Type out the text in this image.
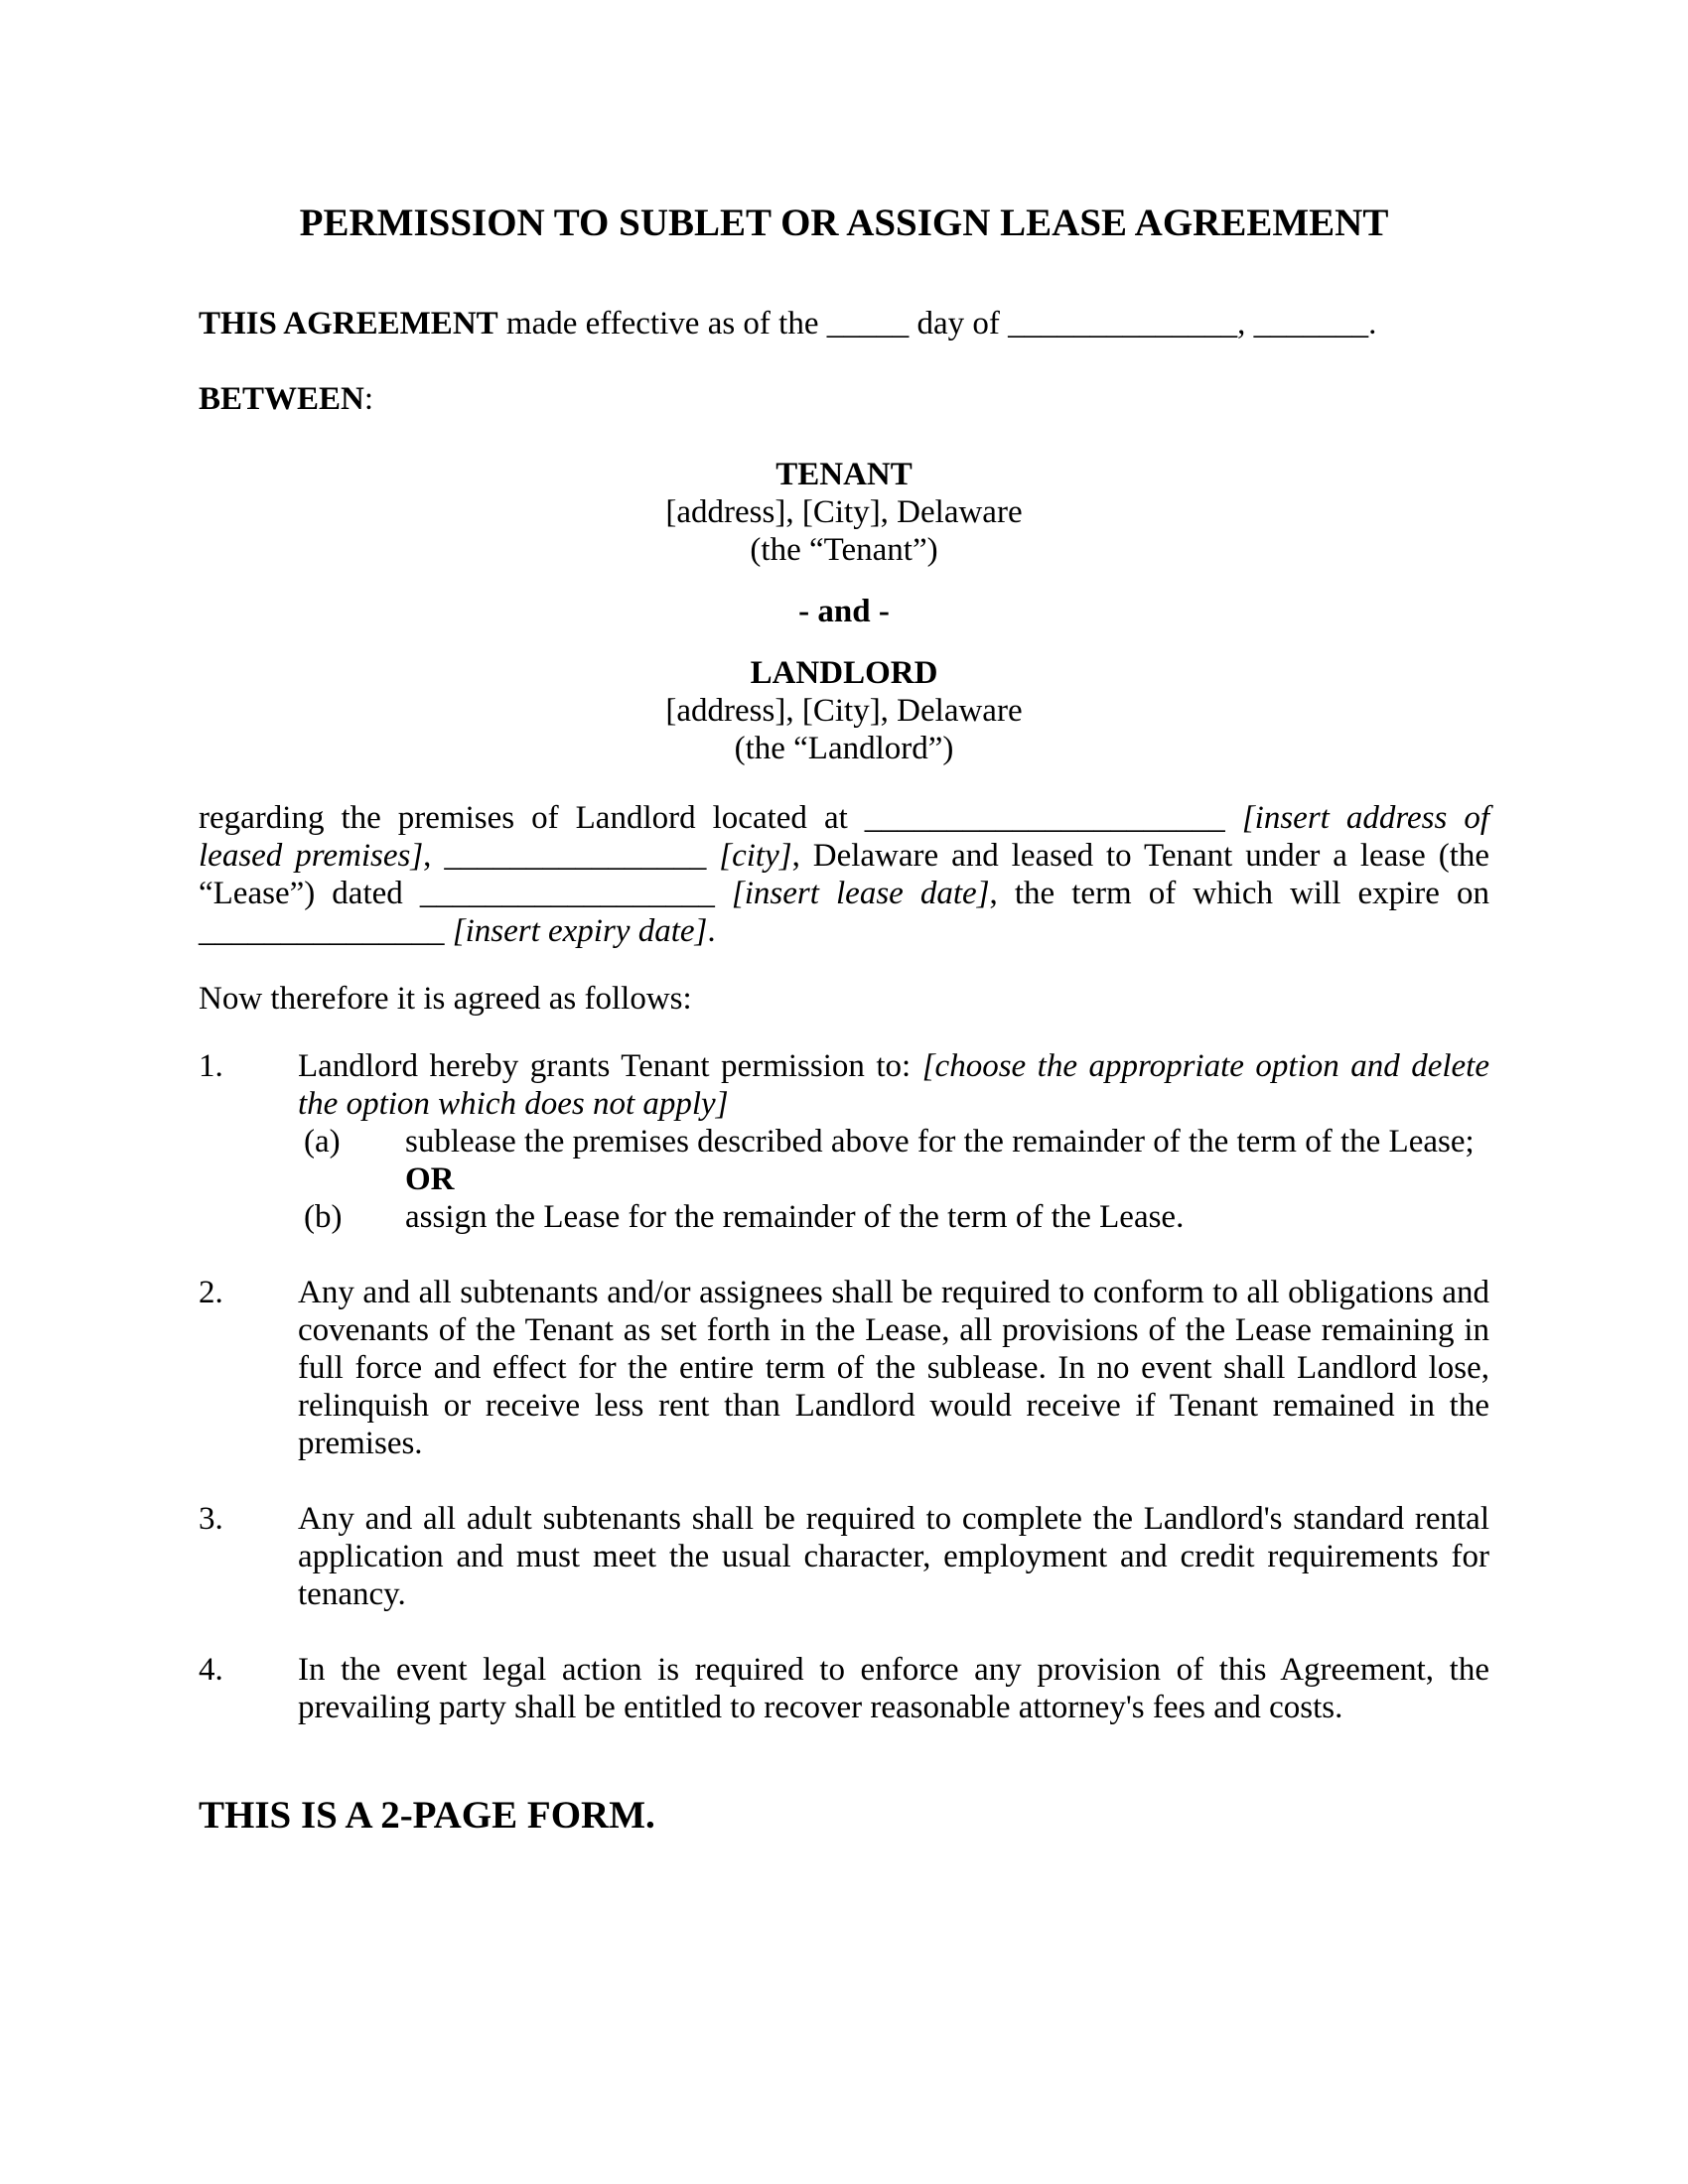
PERMISSION TO SUBLET OR ASSIGN LEASE AGREEMENT

THIS AGREEMENT made effective as of the _____ day of ______________, _______.

BETWEEN:

TENANT
[address], [City], Delaware
(the “Tenant”)
- and -
LANDLORD
[address], [City], Delaware
(the “Landlord”)

regarding the premises of Landlord located at ______________________ [insert address of leased premises], ________________ [city], Delaware and leased to Tenant under a lease (the “Lease”) dated __________________ [insert lease date], the term of which will expire on _______________ [insert expiry date].

Now therefore it is agreed as follows:

1.	Landlord hereby grants Tenant permission to: [choose the appropriate option and delete the option which does not apply]
(a)	sublease the premises described above for the remainder of the term of the Lease; OR
(b)	assign the Lease for the remainder of the term of the Lease.
2.	Any and all subtenants and/or assignees shall be required to conform to all obligations and covenants of the Tenant as set forth in the Lease, all provisions of the Lease remaining in full force and effect for the entire term of the sublease. In no event shall Landlord lose, relinquish or receive less rent than Landlord would receive if Tenant remained in the premises.
3.	Any and all adult subtenants shall be required to complete the Landlord's standard rental application and must meet the usual character, employment and credit requirements for tenancy.
4.	In the event legal action is required to enforce any provision of this Agreement, the prevailing party shall be entitled to recover reasonable attorney's fees and costs.

THIS IS A 2-PAGE FORM.
